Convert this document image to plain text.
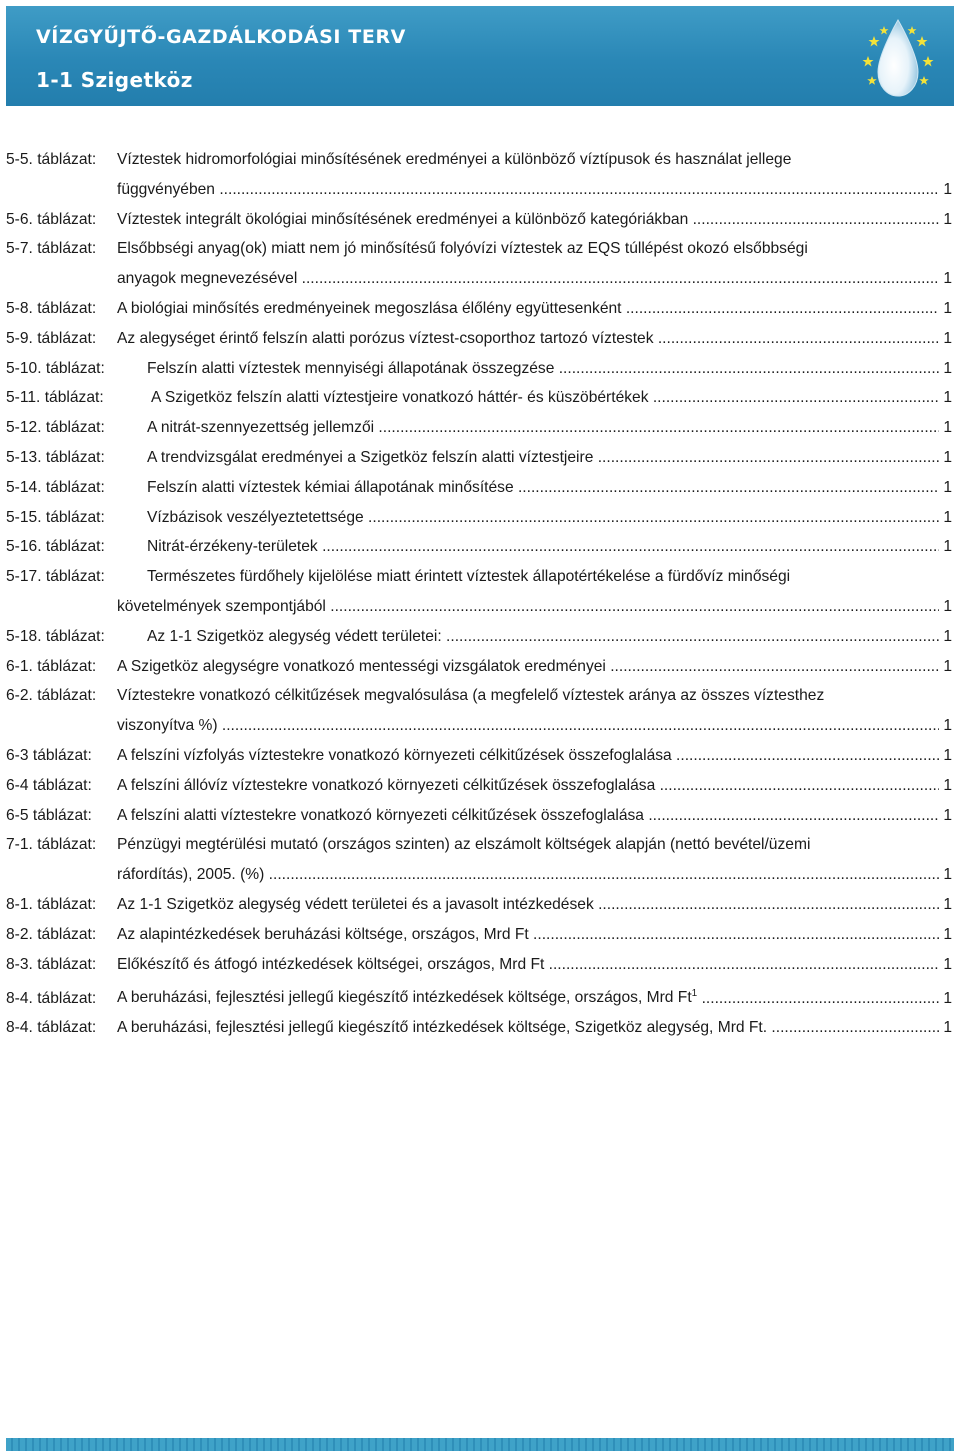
VÍZGYŰJTŐ-GAZDÁLKODÁSI TERV
1-1 Szigetköz
5-5. táblázat: Víztestek hidromorfológiai minősítésének eredményei a különböző víztípusok és használat jellege
függvényében .....	1
5-6. táblázat: Víztestek integrált ökológiai minősítésének eredményei a különböző kategóriákban .....	1
5-7. táblázat: Elsőbbségi anyag(ok) miatt nem jó minősítésű folyóvízi víztestek az EQS túllépést okozó elsőbbségi
anyagok megnevezésével .....	1
5-8. táblázat: A biológiai minősítés eredményeinek megoszlása élőlény együttesenként .....	1
5-9. táblázat: Az alegységet érintő felszín alatti porózus víztest-csoporthoz tartozó víztestek .....	1
5-10. táblázat:	Felszín alatti víztestek mennyiségi állapotának összegzése .....	1
5-11. táblázat:	A Szigetköz felszín alatti víztestjeire vonatkozó háttér- és küszöbértékek .....	1
5-12. táblázat:	A nitrát-szennyezettség jellemzői .....	1
5-13. táblázat:	A trendvizsgálat eredményei a Szigetköz felszín alatti víztestjeire .....	1
5-14. táblázat:	Felszín alatti víztestek kémiai állapotának minősítése .....	1
5-15. táblázat:	Vízbázisok veszélyeztetettsége .....	1
5-16. táblázat:	Nitrát-érzékeny-területek .....	1
5-17. táblázat:	Természetes fürdőhely kijelölése miatt érintett víztestek állapotértékelése a fürdővíz minőségi
követelmények szempontjából .....	1
5-18. táblázat:	Az 1-1 Szigetköz alegység védett területei: .....	1
6-1. táblázat: A Szigetköz alegységre vonatkozó mentességi vizsgálatok eredményei .....	1
6-2. táblázat: Víztestekre vonatkozó célkitűzések megvalósulása (a megfelelő víztestek aránya az összes víztesthez
viszonyítva %) .....	1
6-3 táblázat: A felszíni vízfolyás víztestekre vonatkozó környezeti célkitűzések összefoglalása .....	1
6-4 táblázat: A felszíni állóvíz víztestekre vonatkozó környezeti célkitűzések összefoglalása .....	1
6-5 táblázat: A felszíni alatti víztestekre vonatkozó környezeti célkitűzések összefoglalása .....	1
7-1. táblázat: Pénzügyi megtérülési mutató (országos szinten) az elszámolt költségek alapján (nettó bevétel/üzemi
ráfordítás), 2005. (%) .....	1
8-1. táblázat: Az 1-1 Szigetköz alegység védett területei és a javasolt intézkedések .....	1
8-2. táblázat: Az alapintézkedések beruházási költsége, országos, Mrd Ft .....	1
8-3. táblázat: Előkészítő és átfogó intézkedések költségei, országos, Mrd Ft .....	1
8-4. táblázat: A beruházási, fejlesztési jellegű kiegészítő intézkedések költsége, országos, Mrd Ft$^1$ .....	1
8-4. táblázat: A beruházási, fejlesztési jellegű kiegészítő intézkedések költsége, Szigetköz alegység, Mrd Ft. .....	1
